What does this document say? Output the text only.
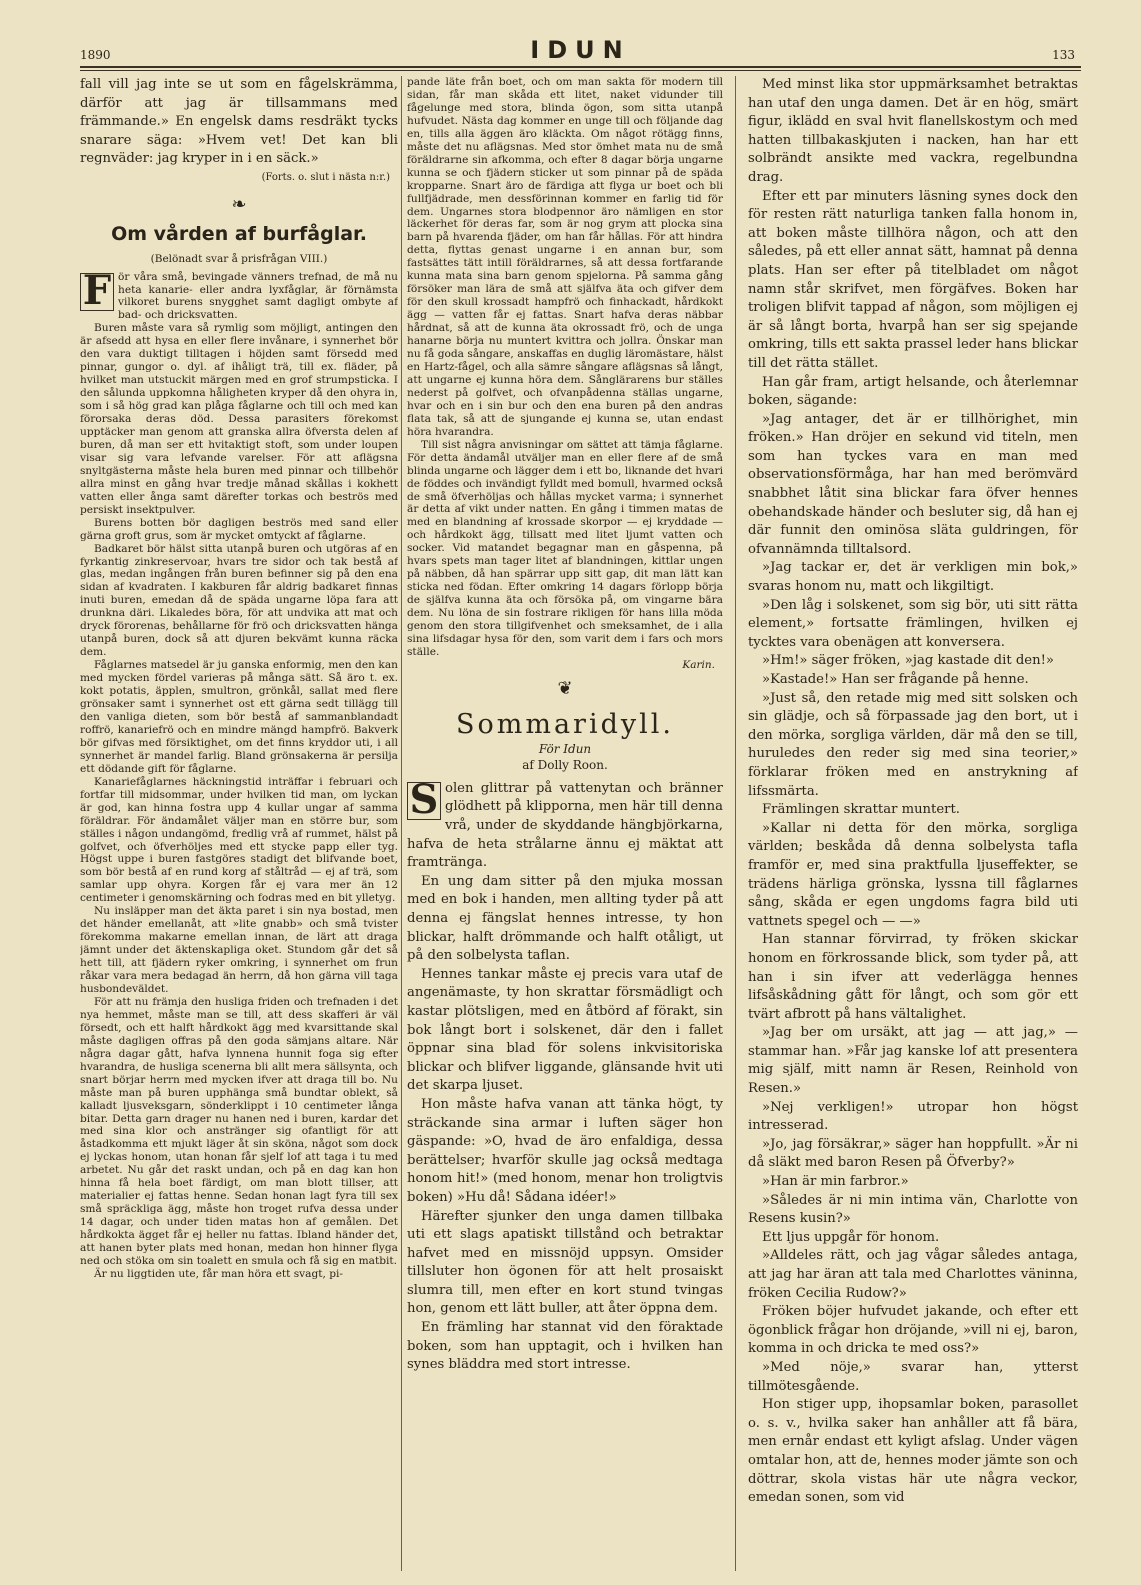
1890	IDUN	133

fall vill jag inte se ut som en fågelskrämma, därför att jag är tillsammans med främmande.» En engelsk dams resdräkt tycks snarare säga: »Hvem vet! Det kan bli regnväder: jag kryper in i en säck.»

(Forts. o. slut i nästa n:r.)
❧
Om vården af burfåglar.
(Belönadt svar å prisfrågan VIII.)
F ör våra små, bevingade vänners trefnad, de må nu heta kanarie- eller andra lyxfåglar, är förnämsta vilkoret burens snygghet samt dagligt ombyte af bad- och dricksvatten.

Buren måste vara så rymlig som möjligt, antingen den är afsedd att hysa en eller flere invånare, i synnerhet bör den vara duktigt tilltagen i höjden samt försedd med pinnar, gungor o. dyl. af ihåligt trä, till ex. fläder, på hvilket man utstuckit märgen med en grof strumpsticka. I den sålunda uppkomna håligheten kryper då den ohyra in, som i så hög grad kan plåga fåglarne och till och med kan förorsaka deras död. Dessa parasiters förekomst upptäcker man genom att granska allra öfversta delen af buren, då man ser ett hvitaktigt stoft, som under loupen visar sig vara lefvande varelser. För att aflägsna snyltgästerna måste hela buren med pinnar och tillbehör allra minst en gång hvar tredje månad skållas i kokhett vatten eller ånga samt därefter torkas och beströs med persiskt insektpulver.

Burens botten bör dagligen beströs med sand eller gärna groft grus, som är mycket omtyckt af fåglarne.

Badkaret bör hälst sitta utanpå buren och utgöras af en fyrkantig zinkreservoar, hvars tre sidor och tak bestå af glas, medan ingången från buren befinner sig på den ena sidan af kvadraten. I kakburen får aldrig badkaret finnas inuti buren, emedan då de späda ungarne löpa fara att drunkna däri. Likaledes böra, för att undvika att mat och dryck förorenas, behållarne för frö och dricksvatten hänga utanpå buren, dock så att djuren bekvämt kunna räcka dem.

Fåglarnes matsedel är ju ganska enformig, men den kan med mycken fördel varieras på många sätt. Så äro t. ex. kokt potatis, äpplen, smultron, grönkål, sallat med flere grönsaker samt i synnerhet ost ett gärna sedt tillägg till den vanliga dieten, som bör bestå af sammanblandadt roffrö, kanariefrö och en mindre mängd hampfrö. Bakverk bör gifvas med försiktighet, om det finns kryddor uti, i all synnerhet är mandel farlig. Bland grönsakerna är persilja ett dödande gift för fåglarne.

Kanariefåglarnes häckningstid inträffar i februari och fortfar till midsommar, under hvilken tid man, om lyckan är god, kan hinna fostra upp 4 kullar ungar af samma föräldrar. För ändamålet väljer man en större bur, som ställes i någon undangömd, fredlig vrå af rummet, hälst på golfvet, och öfverhöljes med ett stycke papp eller tyg. Högst uppe i buren fastgöres stadigt det blifvande boet, som bör bestå af en rund korg af ståltråd — ej af trä, som samlar upp ohyra. Korgen får ej vara mer än 12 centimeter i genomskärning och fodras med en bit ylletyg.

Nu insläpper man det äkta paret i sin nya bostad, men det händer emellanåt, att »lite gnabb» och små tvister förekomma makarne emellan innan, de lärt att draga jämnt under det äktenskapliga oket. Stundom går det så hett till, att fjädern ryker omkring, i synnerhet om frun råkar vara mera bedagad än herrn, då hon gärna vill taga husbondeväldet.

För att nu främja den husliga friden och trefnaden i det nya hemmet, måste man se till, att dess skafferi är väl försedt, och ett halft hårdkokt ägg med kvarsittande skal måste dagligen offras på den goda sämjans altare. När några dagar gått, hafva lynnena hunnit foga sig efter hvarandra, de husliga scenerna bli allt mera sällsynta, och snart börjar herrn med mycken ifver att draga till bo. Nu måste man på buren upphänga små bundtar oblekt, så kalladt ljusveksgarn, sönderklippt i 10 centimeter långa bitar. Detta garn drager nu hanen ned i buren, kardar det med sina klor och anstränger sig ofantligt för att åstadkomma ett mjukt läger åt sin sköna, något som dock ej lyckas honom, utan honan får sjelf lof att taga i tu med arbetet. Nu går det raskt undan, och på en dag kan hon hinna få hela boet färdigt, om man blott tillser, att materialier ej fattas henne. Sedan honan lagt fyra till sex små spräckliga ägg, måste hon troget rufva dessa under 14 dagar, och under tiden matas hon af gemålen. Det hårdkokta ägget får ej heller nu fattas. Ibland händer det, att hanen byter plats med honan, medan hon hinner flyga ned och stöka om sin toalett en smula och få sig en matbit.

Är nu liggtiden ute, får man höra ett svagt, pi-

pande läte från boet, och om man sakta för modern till sidan, får man skåda ett litet, naket vidunder till fågelunge med stora, blinda ögon, som sitta utanpå hufvudet. Nästa dag kommer en unge till och följande dag en, tills alla äggen äro kläckta. Om något rötägg finns, måste det nu aflägsnas. Med stor ömhet mata nu de små föräldrarne sin afkomma, och efter 8 dagar börja ungarne kunna se och fjädern sticker ut som pinnar på de späda kropparne. Snart äro de färdiga att flyga ur boet och bli fullfjädrade, men dessförinnan kommer en farlig tid för dem. Ungarnes stora blodpennor äro nämligen en stor läckerhet för deras far, som är nog grym att plocka sina barn på hvarenda fjäder, om han får hållas. För att hindra detta, flyttas genast ungarne i en annan bur, som fastsättes tätt intill föräldrarnes, så att dessa fortfarande kunna mata sina barn genom spjelorna. På samma gång försöker man lära de små att själfva äta och gifver dem för den skull krossadt hampfrö och finhackadt, hårdkokt ägg — vatten får ej fattas. Snart hafva deras näbbar hårdnat, så att de kunna äta okrossadt frö, och de unga hanarne börja nu muntert kvittra och jollra. Önskar man nu få goda sångare, anskaffas en duglig läromästare, hälst en Hartz-fågel, och alla sämre sångare aflägsnas så långt, att ungarne ej kunna höra dem. Sånglärarens bur ställes nederst på golfvet, och ofvanpådenna ställas ungarne, hvar och en i sin bur och den ena buren på den andras flata tak, så att de sjungande ej kunna se, utan endast höra hvarandra.

Till sist några anvisningar om sättet att tämja fåglarne. För detta ändamål utväljer man en eller flere af de små blinda ungarne och lägger dem i ett bo, liknande det hvari de föddes och invändigt fylldt med bomull, hvarmed också de små öfverhöljas och hållas mycket varma; i synnerhet är detta af vikt under natten. En gång i timmen matas de med en blandning af krossade skorpor — ej kryddade — och hårdkokt ägg, tillsatt med litet ljumt vatten och socker. Vid matandet begagnar man en gåspenna, på hvars spets man tager litet af blandningen, kittlar ungen på näbben, då han spärrar upp sitt gap, dit man lätt kan sticka ned födan. Efter omkring 14 dagars förlopp börja de själfva kunna äta och försöka på, om vingarne bära dem. Nu lönа de sin fostrare rikligen för hans lilla möda genom den stora tillgifvenhet och smeksamhet, de i alla sina lifsdagar hysa för den, som varit dem i fars och mors ställe.

Karin.
❦
Sommaridyll.
För Idun
af Dolly Roon.
S olen glittrar på vattenytan och bränner glödhett på klipporna, men här till denna vrå, under de skyddande hängbjörkarna, hafva de heta strålarne ännu ej mäktat att framtränga.

En ung dam sitter på den mjuka mossan med en bok i handen, men allting tyder på att denna ej fängslat hennes intresse, ty hon blickar, halft drömmande och halft otåligt, ut på den solbelysta taflan.

Hennes tankar måste ej precis vara utaf de angenämaste, ty hon skrattar försmädligt och kastar plötsligen, med en åtbörd af förakt, sin bok långt bort i solskenet, där den i fallet öppnar sina blad för solens inkvisitoriska blickar och blifver liggande, glänsande hvit uti det skarpa ljuset.

Hon måste hafva vanan att tänka högt, ty sträckande sina armar i luften säger hon gäspande: »O, hvad de äro enfaldiga, dessa berättelser; hvarför skulle jag också medtaga honom hit!» (med honom, menar hon troligtvis boken) »Hu då! Sådana idéer!»

Härefter sjunker den unga damen tillbaka uti ett slags apatiskt tillstånd och betraktar hafvet med en missnöjd uppsyn. Omsider tillsluter hon ögonen för att helt prosaiskt slumra till, men efter en kort stund tvingas hon, genom ett lätt buller, att åter öppna dem.

En främling har stannat vid den föraktade boken, som han upptagit, och i hvilken han synes bläddra med stort intresse.

Med minst lika stor uppmärksamhet betraktas han utaf den unga damen. Det är en hög, smärt figur, iklädd en sval hvit flanellskostym och med hatten tillbakaskjuten i nacken, han har ett solbrändt ansikte med vackra, regelbundna drag.

Efter ett par minuters läsning synes dock den för resten rätt naturliga tanken falla honom in, att boken måste tillhöra någon, och att den således, på ett eller annat sätt, hamnat på denna plats. Han ser efter på titelbladet om något namn står skrifvet, men förgäfves. Boken har troligen blifvit tappad af någon, som möjligen ej är så långt borta, hvarpå han ser sig spejande omkring, tills ett sakta prassel leder hans blickar till det rätta stället.

Han går fram, artigt helsande, och återlemnar boken, sägande:

»Jag antager, det är er tillhörighet, min fröken.» Han dröjer en sekund vid titeln, men som han tyckes vara en man med observationsförmåga, har han med berömvärd snabbhet låtit sina blickar fara öfver hennes obehandskade händer och besluter sig, då han ej där funnit den ominösa släta guldringen, för ofvannämnda tilltalsord.

»Jag tackar er, det är verkligen min bok,» svaras honom nu, matt och likgiltigt.

»Den låg i solskenet, som sig bör, uti sitt rätta element,» fortsatte främlingen, hvilken ej tycktes vara obenägen att konversera.

»Hm!» säger fröken, »jag kastade dit den!»

»Kastade!» Han ser frågande på henne.

»Just så, den retade mig med sitt solsken och sin glädje, och så förpassade jag den bort, ut i den mörka, sorgliga världen, där må den se till, huruledes den reder sig med sina teorier,» förklarar fröken med en anstrykning af lifssmärta.

Främlingen skrattar muntert.

»Kallar ni detta för den mörka, sorgliga världen; beskåda då denna solbelysta tafla framför er, med sina praktfulla ljuseffekter, se trädens härliga grönska, lyssna till fåglarnes sång, skåda er egen ungdoms fagra bild uti vattnets spegel och — —»

Han stannar förvirrad, ty fröken skickar honom en förkrossande blick, som tyder på, att han i sin ifver att vederlägga hennes lifsåskådning gått för långt, och som gör ett tvärt afbrott på hans vältalighet.

»Jag ber om ursäkt, att jag — att jag,» — stammar han. »Får jag kanske lof att presentera mig själf, mitt namn är Resen, Reinhold von Resen.»

»Nej verkligen!» utropar hon högst intresserad.

»Jo, jag försäkrar,» säger han hoppfullt. »Är ni då släkt med baron Resen på Öfverby?»

»Han är min farbror.»

»Således är ni min intima vän, Charlotte von Resens kusin?»

Ett ljus uppgår för honom.

»Alldeles rätt, och jag vågar således antaga, att jag har äran att tala med Charlottes väninna, fröken Cecilia Rudow?»

Fröken böjer hufvudet jakande, och efter ett ögonblick frågar hon dröjande, »vill ni ej, baron, komma in och dricka te med oss?»

»Med nöje,» svarar han, ytterst tillmötesgående.

Hon stiger upp, ihopsamlar boken, parasollet o. s. v., hvilka saker han anhåller att få bära, men ernår endast ett kyligt afslag. Under vägen omtalar hon, att de, hennes moder jämte son och döttrar, skola vistas här ute några veckor, emedan sonen, som vid
